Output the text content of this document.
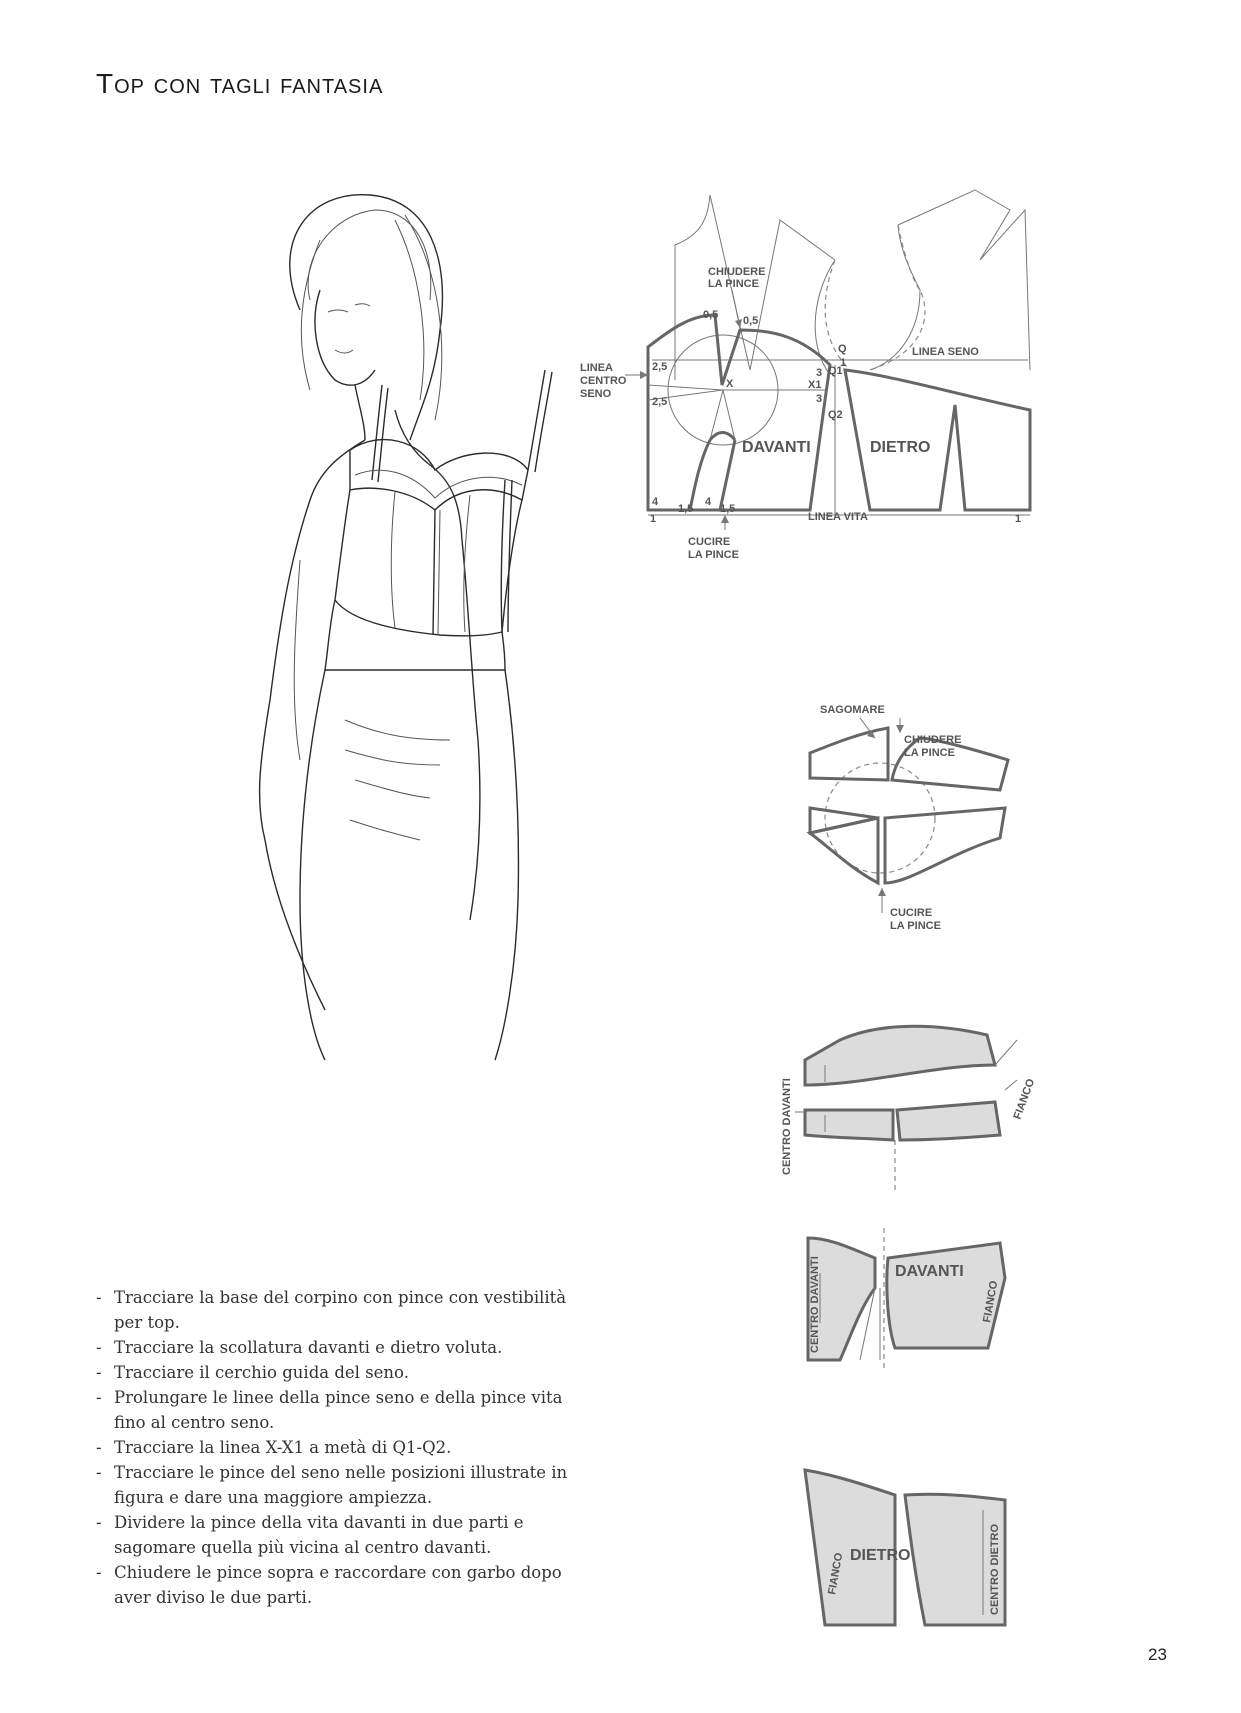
Top con tagli fantasia
CHIUDERE
LA PINCE
0,5 0,5
LINEA
CENTRO
SENO
2,5
2,5
X	X1
Q
Q1
Q2
3
3
1
LINEA SENO
DAVANTI	DIETRO
4	4
1,5 1,5
1	1
LINEA VITA
CUCIRE
LA PINCE
SAGOMARE
CHIUDERE
LA PINCE
CUCIRE
LA PINCE
CENTRO DAVANTI	FIANCO
CENTRO DAVANTI	DAVANTI
FIANCO
FIANCO DIETRO	CENTRO DIETRO
- Tracciare la base del corpino con pince con vestibilità per top.
- Tracciare la scollatura davanti e dietro voluta.
- Tracciare il cerchio guida del seno.
- Prolungare le linee della pince seno e della pince vita fino al centro seno.
- Tracciare la linea X-X1 a metà di Q1-Q2.
- Tracciare le pince del seno nelle posizioni illustrate in figura e dare una maggiore ampiezza.
- Dividere la pince della vita davanti in due parti e sagomare quella più vicina al centro davanti.
- Chiudere le pince sopra e raccordare con garbo dopo aver diviso le due parti.
23
